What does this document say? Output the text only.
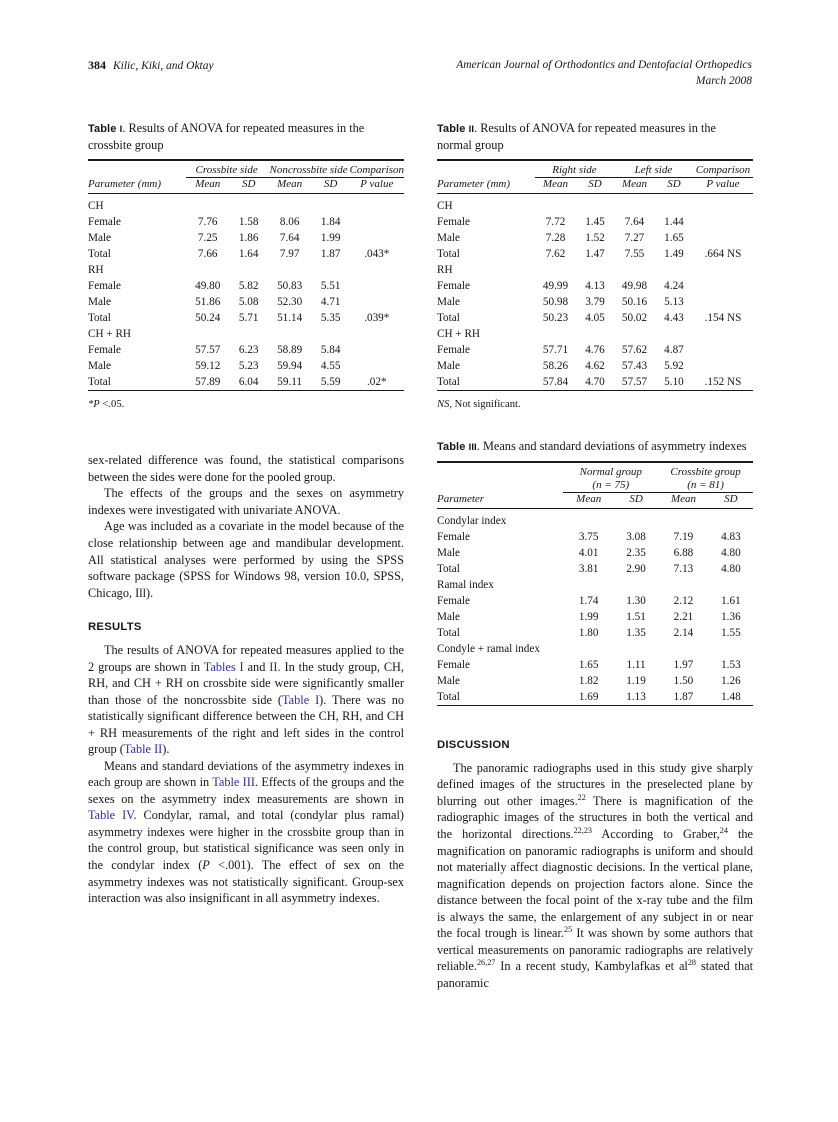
384 Kilic, Kiki, and Oktay	American Journal of Orthodontics and Dentofacial Orthopedics
March 2008
Table I. Results of ANOVA for repeated measures in the crossbite group

	Crossbite side		Noncrossbite side		Comparison
Parameter (mm)	Mean	SD	Mean	SD	P value

CH					
Female	7.76	1.58	8.06	1.84	
Male	7.25	1.86	7.64	1.99	
Total	7.66	1.64	7.97	1.87	.043*
RH					
Female	49.80	5.82	50.83	5.51	
Male	51.86	5.08	52.30	4.71	
Total	50.24	5.71	51.14	5.35	.039*
CH + RH					
Female	57.57	6.23	58.89	5.84	
Male	59.12	5.23	59.94	4.55	
Total	57.89	6.04	59.11	5.59	.02*

*P <.05.

sex-related difference was found, the statistical comparisons between the sides were done for the pooled group.

The effects of the groups and the sexes on asymmetry indexes were investigated with univariate ANOVA.

Age was included as a covariate in the model because of the close relationship between age and mandibular development. All statistical analyses were performed by using the SPSS software package (SPSS for Windows 98, version 10.0, SPSS, Chicago, Ill).

RESULTS

The results of ANOVA for repeated measures applied to the 2 groups are shown in Tables I and II. In the study group, CH, RH, and CH + RH on crossbite side were significantly smaller than those of the noncrossbite side (Table I). There was no statistically significant difference between the CH, RH, and CH + RH measurements of the right and left sides in the control group (Table II).

Means and standard deviations of the asymmetry indexes in each group are shown in Table III. Effects of the groups and the sexes on the asymmetry index measurements are shown in Table IV. Condylar, ramal, and total (condylar plus ramal) asymmetry indexes were higher in the crossbite group than in the control group, but statistical significance was seen only in the condylar index (P <.001). The effect of sex on the asymmetry indexes was not statistically significant. Group-sex interaction was also insignificant in all asymmetry indexes.

Table II. Results of ANOVA for repeated measures in the normal group

	Right side		Left side		Comparison
Parameter (mm)	Mean	SD	Mean	SD	P value

CH					
Female	7.72	1.45	7.64	1.44	
Male	7.28	1.52	7.27	1.65	
Total	7.62	1.47	7.55	1.49	.664 NS
RH					
Female	49.99	4.13	49.98	4.24	
Male	50.98	3.79	50.16	5.13	
Total	50.23	4.05	50.02	4.43	.154 NS
CH + RH					
Female	57.71	4.76	57.62	4.87	
Male	58.26	4.62	57.43	5.92	
Total	57.84	4.70	57.57	5.10	.152 NS

NS, Not significant.
Table III. Means and standard deviations of asymmetry indexes

	Normal group
(n = 75)		Crossbite group
(n = 81)	
Parameter	Mean	SD	Mean	SD

Condylar index				
Female	3.75	3.08	7.19	4.83
Male	4.01	2.35	6.88	4.80
Total	3.81	2.90	7.13	4.80
Ramal index				
Female	1.74	1.30	2.12	1.61
Male	1.99	1.51	2.21	1.36
Total	1.80	1.35	2.14	1.55
Condyle + ramal index				
Female	1.65	1.11	1.97	1.53
Male	1.82	1.19	1.50	1.26
Total	1.69	1.13	1.87	1.48

DISCUSSION

The panoramic radiographs used in this study give sharply defined images of the structures in the preselected plane by blurring out other images.$^{22}$ There is magnification of the radiographic images of the structures in both the vertical and the horizontal directions.$^{22,23}$ According to Graber,$^{24}$ the magnification on panoramic radiographs is uniform and should not materially affect diagnostic decisions. In the vertical plane, magnification depends on projection factors alone. Since the distance between the focal point of the x-ray tube and the film is always the same, the enlargement of any subject in or near the focal trough is linear.$^{25}$ It was shown by some authors that vertical measurements on panoramic radiographs are relatively reliable.$^{26,27}$ In a recent study, Kambylafkas et $al^{28}$ stated that panoramic
